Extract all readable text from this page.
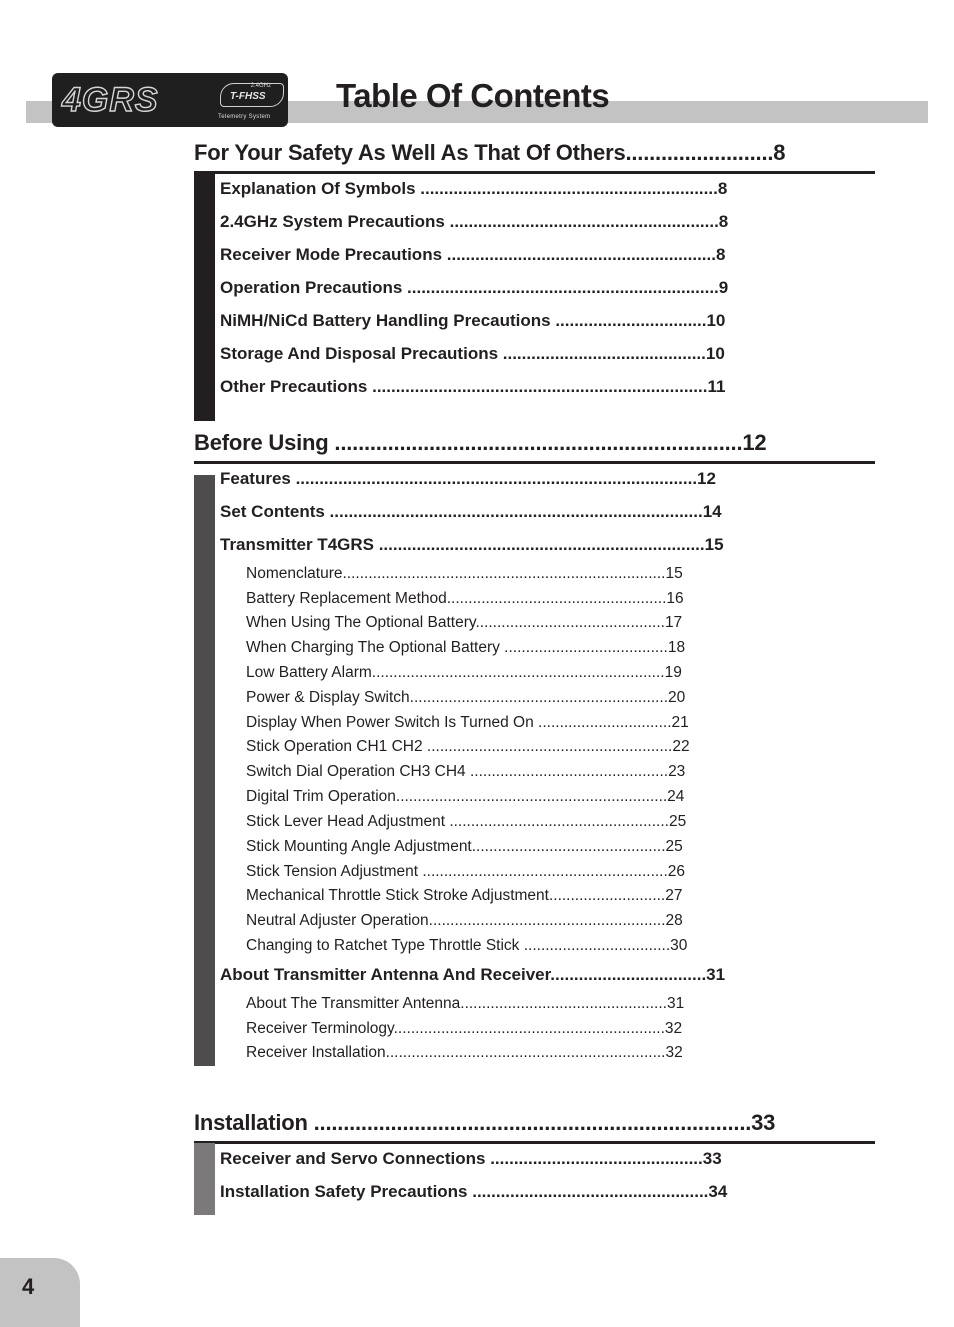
4GRS	2.4GHz
T-FHSS
Telemetry System
Table Of Contents
For Your Safety As Well As That Of Others.........................8
Explanation Of Symbols ...............................................................8
2.4GHz System Precautions .........................................................8
Receiver Mode Precautions .........................................................8
Operation Precautions ..................................................................9
NiMH/NiCd Battery Handling Precautions ................................10
Storage And Disposal Precautions ...........................................10
Other Precautions .......................................................................11
Before Using .....................................................................12
Features .....................................................................................12
Set Contents ...............................................................................14
Transmitter T4GRS .....................................................................15
Nomenclature...........................................................................15
Battery Replacement Method...................................................16
When Using The Optional Battery............................................17
When Charging The Optional Battery ......................................18
Low Battery Alarm....................................................................19
Power & Display Switch............................................................20
Display When Power Switch Is Turned On ...............................21
Stick Operation CH1 CH2 .........................................................22
Switch Dial Operation CH3 CH4 ..............................................23
Digital Trim Operation...............................................................24
Stick Lever Head Adjustment ...................................................25
Stick Mounting Angle Adjustment.............................................25
Stick Tension Adjustment .........................................................26
Mechanical Throttle Stick Stroke Adjustment...........................27
Neutral Adjuster Operation.......................................................28
Changing to Ratchet Type Throttle Stick ..................................30
About Transmitter Antenna And Receiver.................................31
About The Transmitter Antenna................................................31
Receiver Terminology...............................................................32
Receiver Installation.................................................................32
Installation ..........................................................................33
Receiver and Servo Connections .............................................33
Installation Safety Precautions ..................................................34
4
